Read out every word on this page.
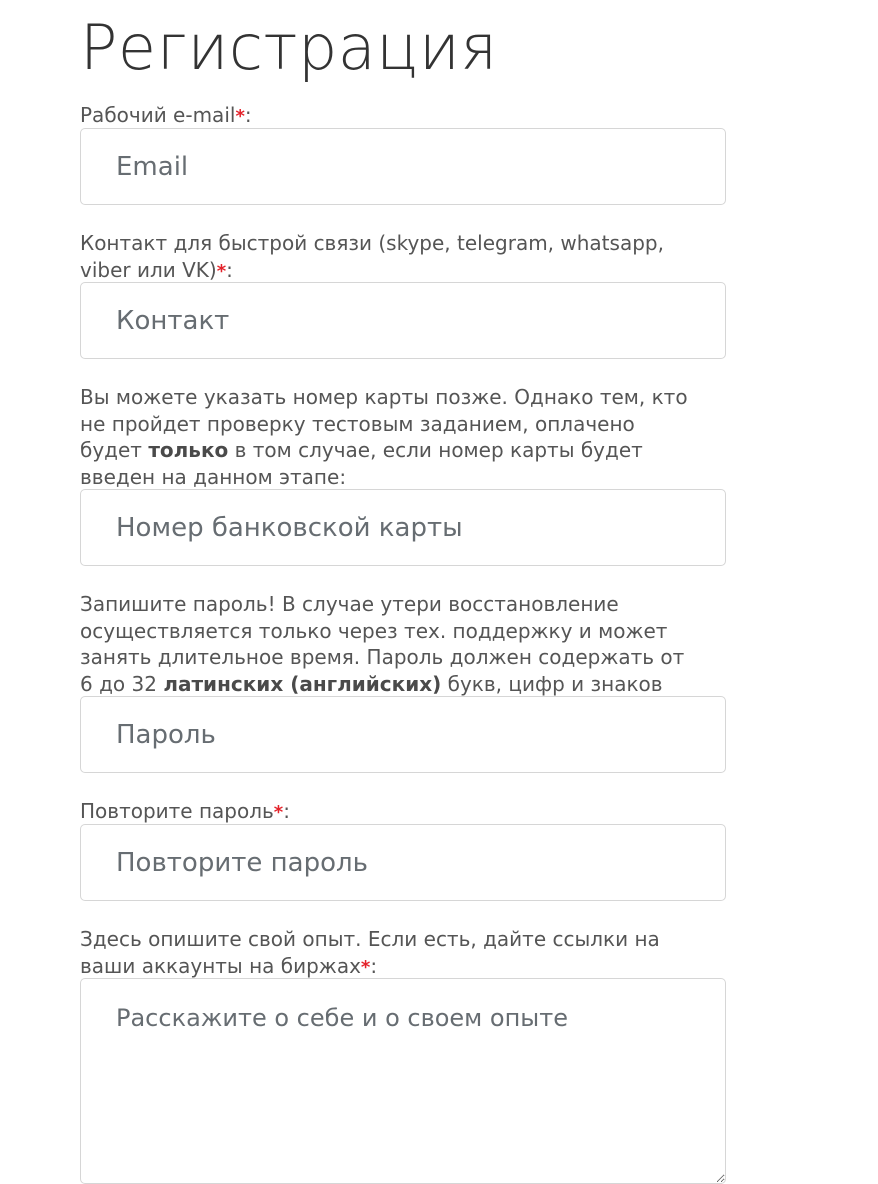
Регистрация
Рабочий e-mail*:
Email
Контакт для быстрой связи (skype, telegram, whatsapp, viber или VK)*:
Контакт
Вы можете указать номер карты позже. Однако тем, кто не пройдет проверку тестовым заданием, оплачено будет только в том случае, если номер карты будет введен на данном этапе:
Номер банковской карты
Запишите пароль! В случае утери восстановление осуществляется только через тех. поддержку и может занять длительное время. Пароль должен содержать от 6 до 32 латинских (английских) букв, цифр и знаков
Повторите пароль*:
Здесь опишите свой опыт. Если есть, дайте ссылки на ваши аккаунты на биржах*:
Расскажите о себе и о своем опыте
